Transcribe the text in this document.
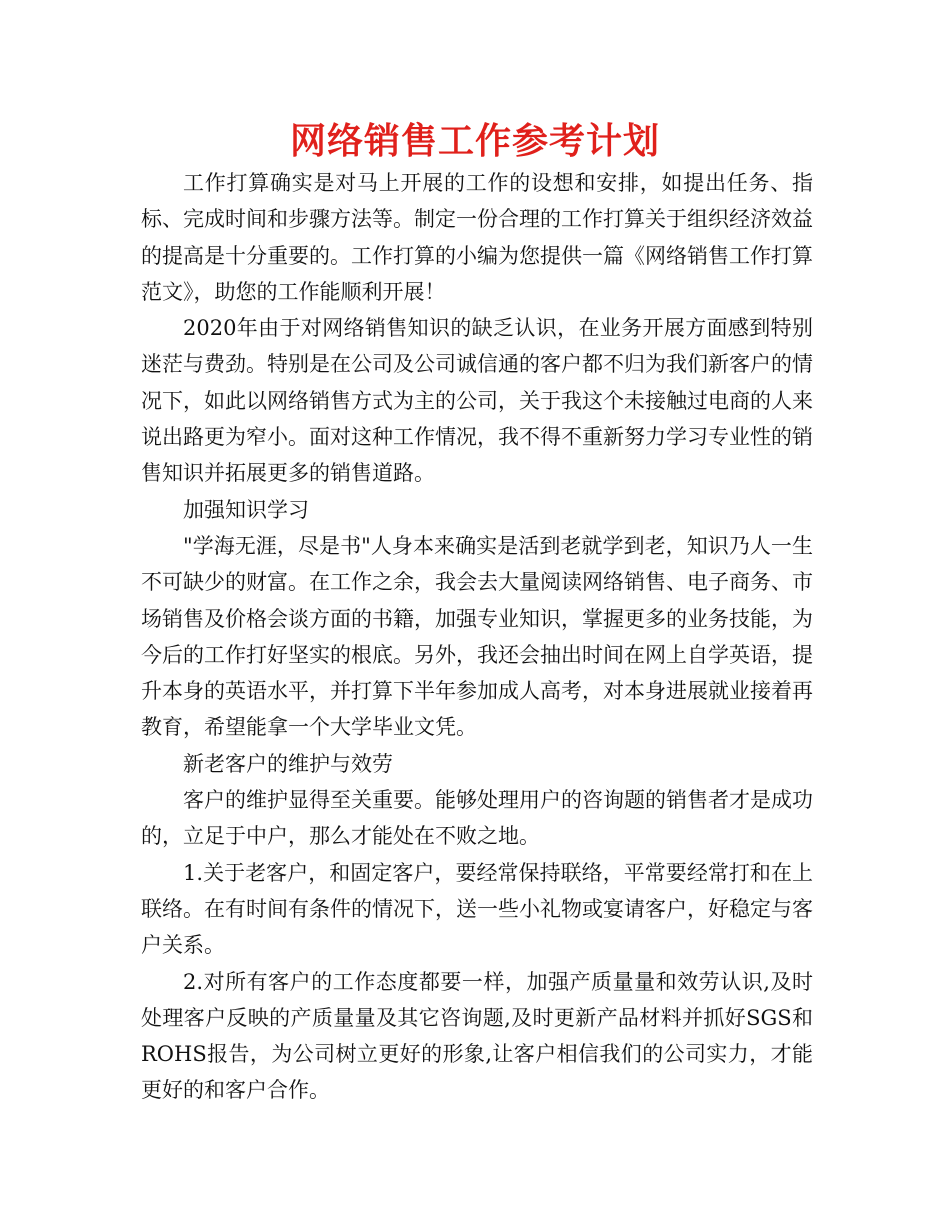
网络销售工作参考计划

工作打算确实是对马上开展的工作的设想和安排，如提出任务、指标、完成时间和步骤方法等。制定一份合理的工作打算关于组织经济效益的提高是十分重要的。工作打算的小编为您提供一篇《网络销售工作打算范文》，助您的工作能顺利开展！

2020年由于对网络销售知识的缺乏认识，在业务开展方面感到特别迷茫与费劲。特别是在公司及公司诚信通的客户都不归为我们新客户的情况下，如此以网络销售方式为主的公司，关于我这个未接触过电商的人来说出路更为窄小。面对这种工作情况，我不得不重新努力学习专业性的销售知识并拓展更多的销售道路。

加强知识学习

"学海无涯，尽是书"人身本来确实是活到老就学到老，知识乃人一生不可缺少的财富。在工作之余，我会去大量阅读网络销售、电子商务、市场销售及价格会谈方面的书籍，加强专业知识，掌握更多的业务技能，为今后的工作打好坚实的根底。另外，我还会抽出时间在网上自学英语，提升本身的英语水平，并打算下半年参加成人高考，对本身进展就业接着再教育，希望能拿一个大学毕业文凭。

新老客户的维护与效劳

客户的维护显得至关重要。能够处理用户的咨询题的销售者才是成功的，立足于中户，那么才能处在不败之地。

1.关于老客户，和固定客户，要经常保持联络，平常要经常打和在上联络。在有时间有条件的情况下，送一些小礼物或宴请客户，好稳定与客户关系。

2.对所有客户的工作态度都要一样，加强产质量量和效劳认识,及时处理客户反映的产质量量及其它咨询题,及时更新产品材料并抓好SGS和ROHS报告，为公司树立更好的形象,让客户相信我们的公司实力，才能更好的和客户合作。
